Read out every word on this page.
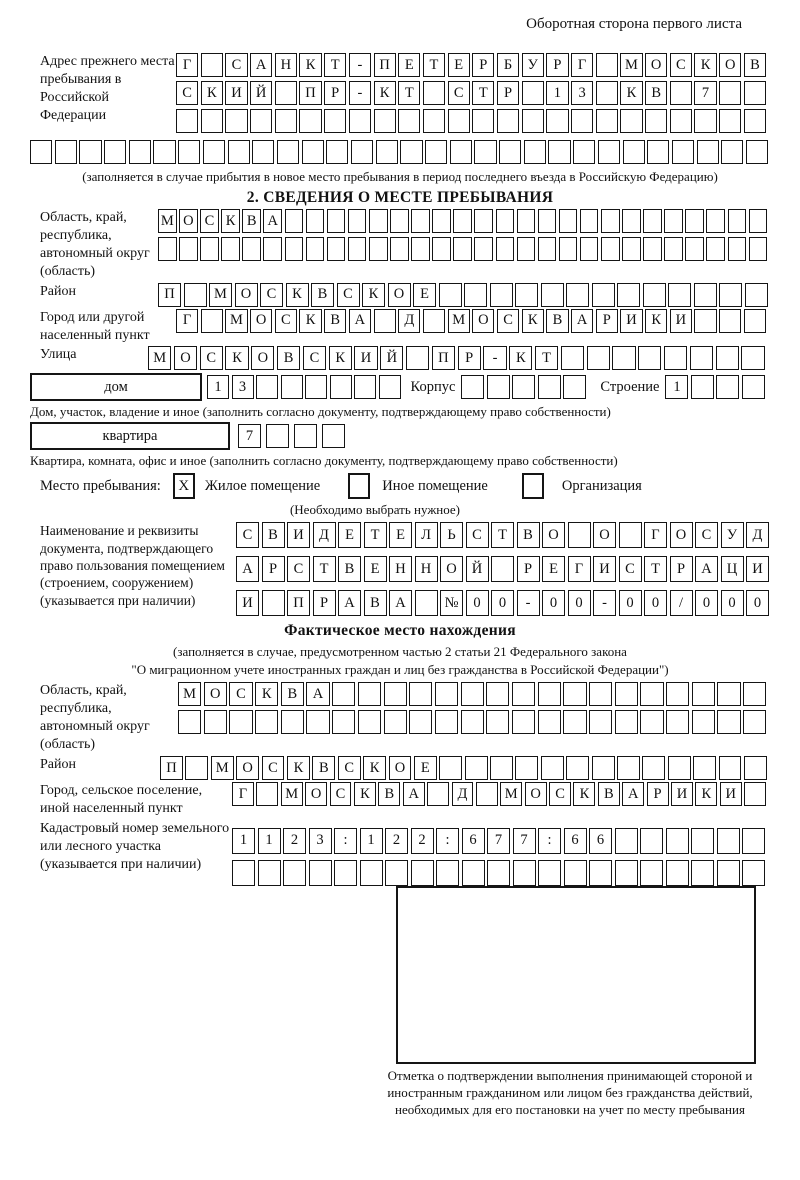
Оборотная сторона первого листа
Адрес прежнего места пребывания в Российской Федерации
Г	С	А Н	К	Т	-	П	Е	Т	Е	Р	Б	У	Р	Г	М О	С	К	О	В
С	К	И Й	П	Р	-	К	Т	С	Т	Р	1	3	К	В	7
(заполняется в случае прибытия в новое место пребывания в период последнего въезда в Российскую Федерацию)
2. СВЕДЕНИЯ О МЕСТЕ ПРЕБЫВАНИЯ
Область, край, республика, автономный округ (область)
М О С К В А
Район	П	М О	С	К	В	С	К	О	Е
Город или другой населенный пункт
Г	М О	С	К	В	А	Д	М О	С	К	В	А	Р	И	К	И
Улица	М О	С	К	О	В	С	К	И	Й	П	Р	-	К	Т
дом	1	3	Корпус	Строение 1
Дом, участок, владение и иное (заполнить согласно документу, подтверждающему право собственности)
квартира	7
Квартира, комната, офис и иное (заполнить согласно документу, подтверждающему право собственности)
Место пребывания:	X	Жилое помещение	Иное помещение	Организация
(Необходимо выбрать нужное)
Наименование и реквизиты документа, подтверждающего право пользования помещением (строением, сооружением) (указывается при наличии)
С	В	И	Д	Е	Т	Е	Л	Ь	С	Т	В	О	О	Г	О	С	У	Д
А	Р	С	Т	В	Е	Н	Н	О	Й	Р	Е	Г	И	С	Т	Р	А	Ц	И
И	П	Р	А	В	А	№	0	0	-	0	0	-	0	0	/	0	0	0
Фактическое место нахождения
(заполняется в случае, предусмотренном частью 2 статьи 21 Федерального закона
"О миграционном учете иностранных граждан и лиц без гражданства в Российской Федерации")
Область, край, республика, автономный округ (область)
М О	С	К	В	А
Район	П	М О	С	К	В	С	К	О	Е
Город, сельское поселение, иной населенный пункт
Г	М О С	К	В А	Д	М О С	К	В А	Р	И К И
Кадастровый номер земельного или лесного участка (указывается при наличии)
1	1	2	3	:	1	2	2	:	6	7	7	:	6	6
Отметка о подтверждении выполнения принимающей стороной и иностранным гражданином или лицом без гражданства действий, необходимых для его постановки на учет по месту пребывания
